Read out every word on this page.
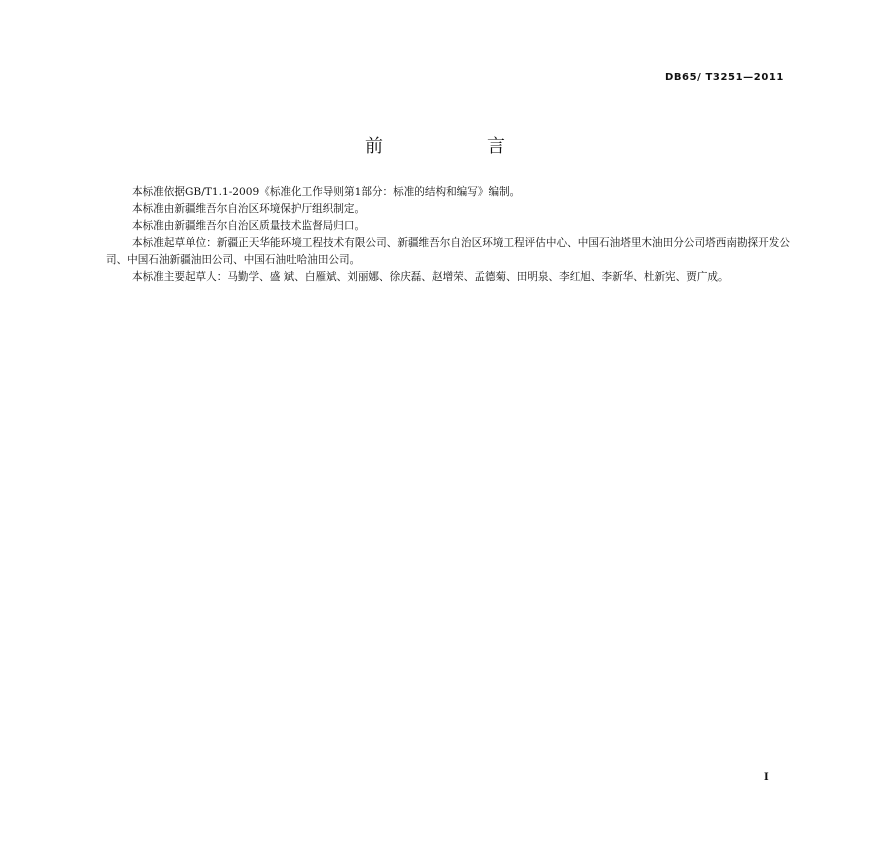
DB65/ T3251—2011
前言

本标准依据GB/T1.1-2009《标准化工作导则第1部分：标准的结构和编写》编制。

本标准由新疆维吾尔自治区环境保护厅组织制定。

本标准由新疆维吾尔自治区质量技术监督局归口。

本标准起草单位：新疆正天华能环境工程技术有限公司、新疆维吾尔自治区环境工程评估中心、中国石油塔里木油田分公司塔西南勘探开发公司、中国石油新疆油田公司、中国石油吐哈油田公司。

本标准主要起草人：马勤学、盛 斌、白雁斌、刘丽娜、徐庆磊、赵增荣、孟德菊、田明泉、李红旭、李新华、杜新宪、贾广成。

I
